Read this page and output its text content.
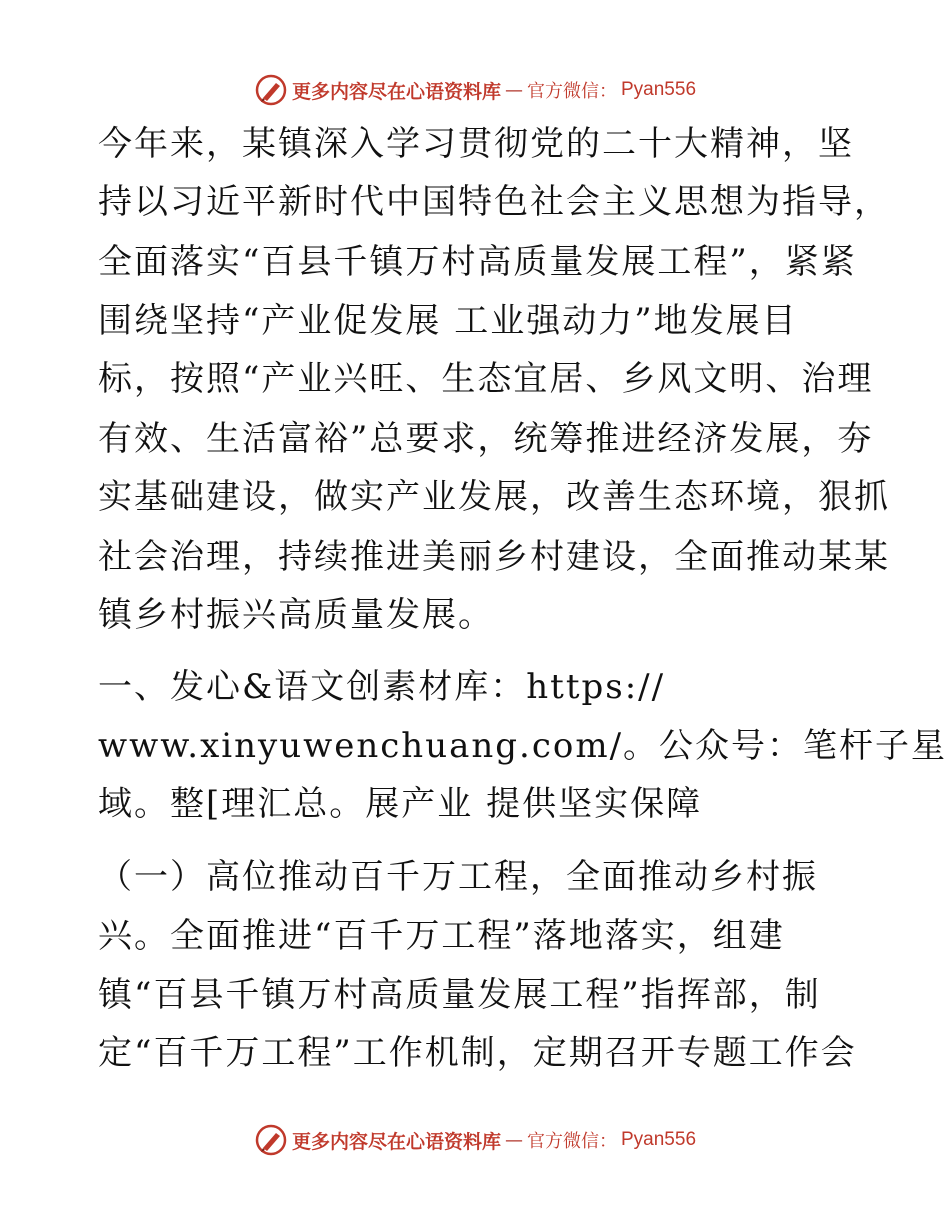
更多内容尽在心语资料库 — 官方微信： Pyan556
今年来，某镇深入学习贯彻党的二十大精神，坚
持以习近平新时代中国特色社会主义思想为指导，
全面落实“百县千镇万村高质量发展工程”，紧紧
围绕坚持“产业促发展 工业强动力”地发展目
标，按照“产业兴旺、生态宜居、乡风文明、治理
有效、生活富裕”总要求，统筹推进经济发展，夯
实基础建设，做实产业发展，改善生态环境，狠抓
社会治理，持续推进美丽乡村建设，全面推动某某
镇乡村振兴高质量发展。
一、发心&语文创素材库：https://
www.xinyuwenchuang.com/。公众号：笔杆子星
域。整[理汇总。展产业 提供坚实保障
（一）高位推动百千万工程，全面推动乡村振
兴。全面推进“百千万工程”落地落实，组建
镇“百县千镇万村高质量发展工程”指挥部，制
定“百千万工程”工作机制，定期召开专题工作会
更多内容尽在心语资料库 — 官方微信： Pyan556
